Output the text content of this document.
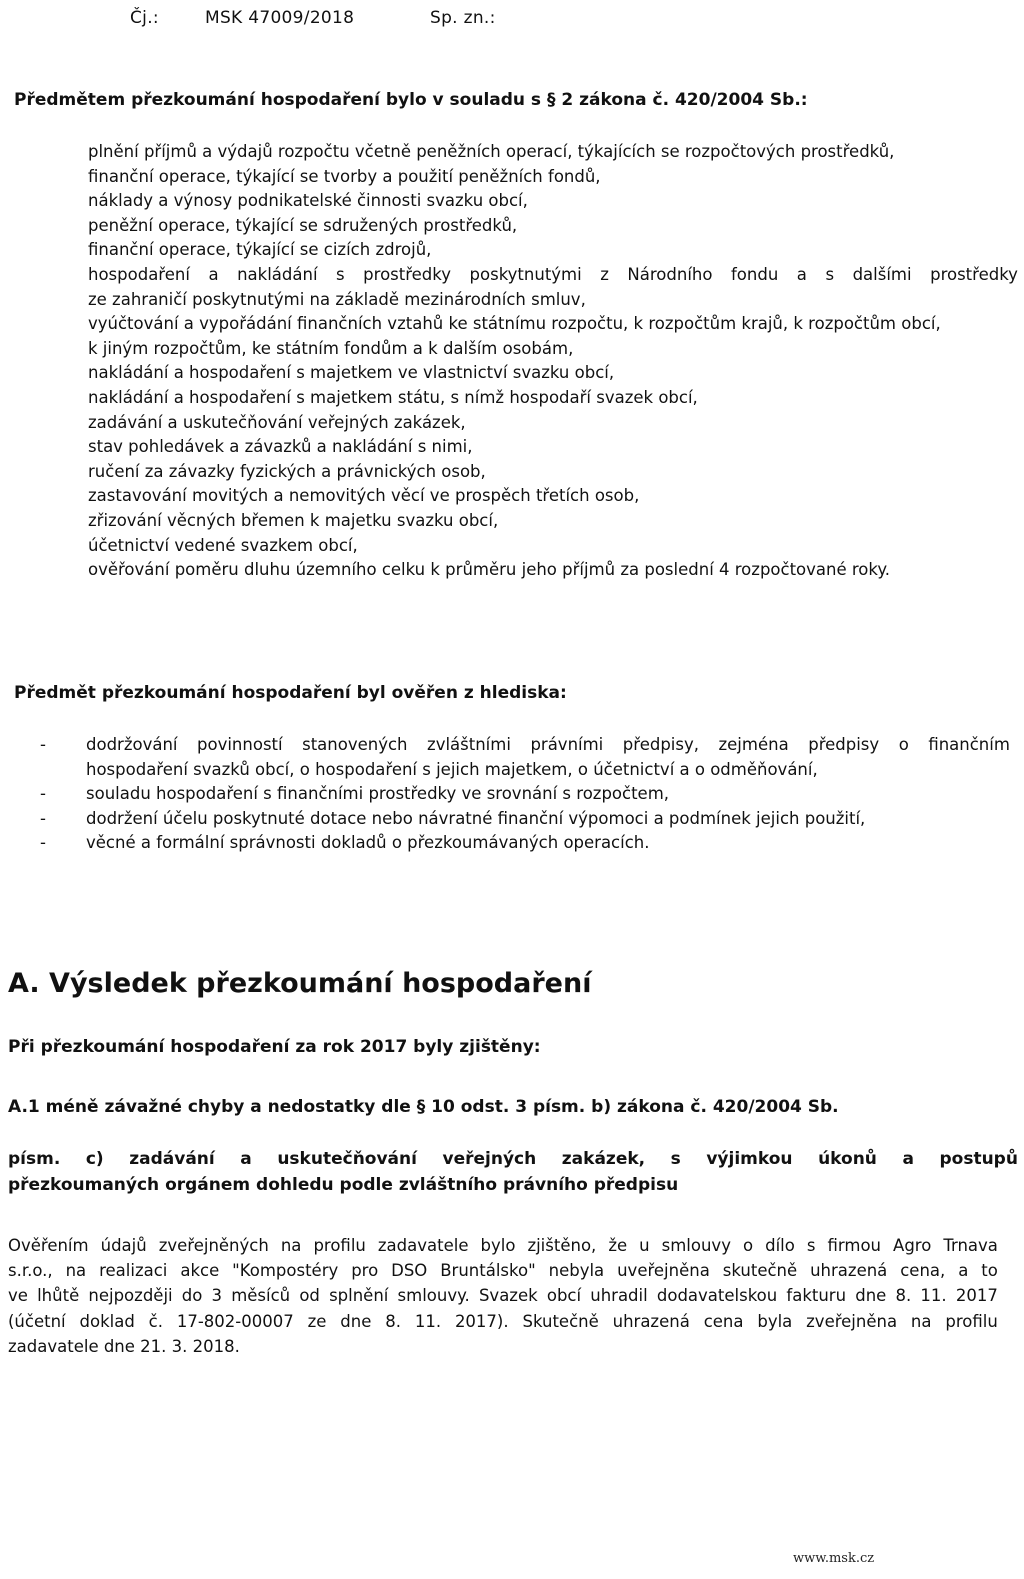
Čj.:	MSK 47009/2018	Sp. zn.:
Předmětem přezkoumání hospodaření bylo v souladu s § 2 zákona č. 420/2004 Sb.:
plnění příjmů a výdajů rozpočtu včetně peněžních operací, týkajících se rozpočtových prostředků,
finanční operace, týkající se tvorby a použití peněžních fondů,
náklady a výnosy podnikatelské činnosti svazku obcí,
peněžní operace, týkající se sdružených prostředků,
finanční operace, týkající se cizích zdrojů,
hospodaření a nakládání s prostředky poskytnutými z Národního fondu a s dalšími prostředky
ze zahraničí poskytnutými na základě mezinárodních smluv,
vyúčtování a vypořádání finančních vztahů ke státnímu rozpočtu, k rozpočtům krajů, k rozpočtům obcí,
k jiným rozpočtům, ke státním fondům a k dalším osobám,
nakládání a hospodaření s majetkem ve vlastnictví svazku obcí,
nakládání a hospodaření s majetkem státu, s nímž hospodaří svazek obcí,
zadávání a uskutečňování veřejných zakázek,
stav pohledávek a závazků a nakládání s nimi,
ručení za závazky fyzických a právnických osob,
zastavování movitých a nemovitých věcí ve prospěch třetích osob,
zřizování věcných břemen k majetku svazku obcí,
účetnictví vedené svazkem obcí,
ověřování poměru dluhu územního celku k průměru jeho příjmů za poslední 4 rozpočtované roky.
Předmět přezkoumání hospodaření byl ověřen z hlediska:
- dodržování povinností stanovených zvláštními právními předpisy, zejména předpisy o finančním
hospodaření svazků obcí, o hospodaření s jejich majetkem, o účetnictví a o odměňování,
- souladu hospodaření s finančními prostředky ve srovnání s rozpočtem,
- dodržení účelu poskytnuté dotace nebo návratné finanční výpomoci a podmínek jejich použití,
- věcné a formální správnosti dokladů o přezkoumávaných operacích.
A. Výsledek přezkoumání hospodaření
Při přezkoumání hospodaření za rok 2017 byly zjištěny:
A.1 méně závažné chyby a nedostatky dle § 10 odst. 3 písm. b) zákona č. 420/2004 Sb.
písm. c) zadávání a uskutečňování veřejných zakázek, s výjimkou úkonů a postupů
přezkoumaných orgánem dohledu podle zvláštního právního předpisu
Ověřením údajů zveřejněných na profilu zadavatele bylo zjištěno, že u smlouvy o dílo s firmou Agro Trnava
s.r.o., na realizaci akce "Kompostéry pro DSO Bruntálsko" nebyla uveřejněna skutečně uhrazená cena, a to
ve lhůtě nejpozději do 3 měsíců od splnění smlouvy. Svazek obcí uhradil dodavatelskou fakturu dne 8. 11. 2017
(účetní doklad č. 17-802-00007 ze dne 8. 11. 2017). Skutečně uhrazená cena byla zveřejněna na profilu
zadavatele dne 21. 3. 2018.
www.msk.cz
